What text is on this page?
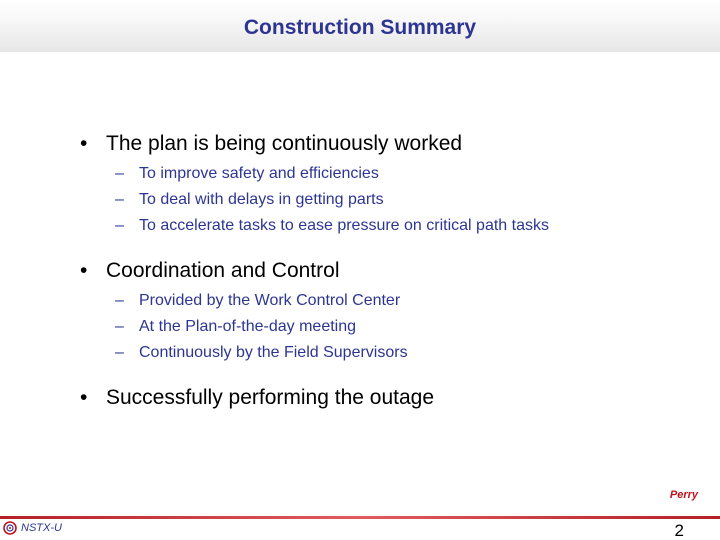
Construction Summary
• The plan is being continuously worked
– To improve safety and efficiencies
– To deal with delays in getting parts
– To accelerate tasks to ease pressure on critical path tasks
• Coordination and Control
– Provided by the Work Control Center
– At the Plan-of-the-day meeting
– Continuously by the Field Supervisors
• Successfully performing the outage
Perry
NSTX-U	2
